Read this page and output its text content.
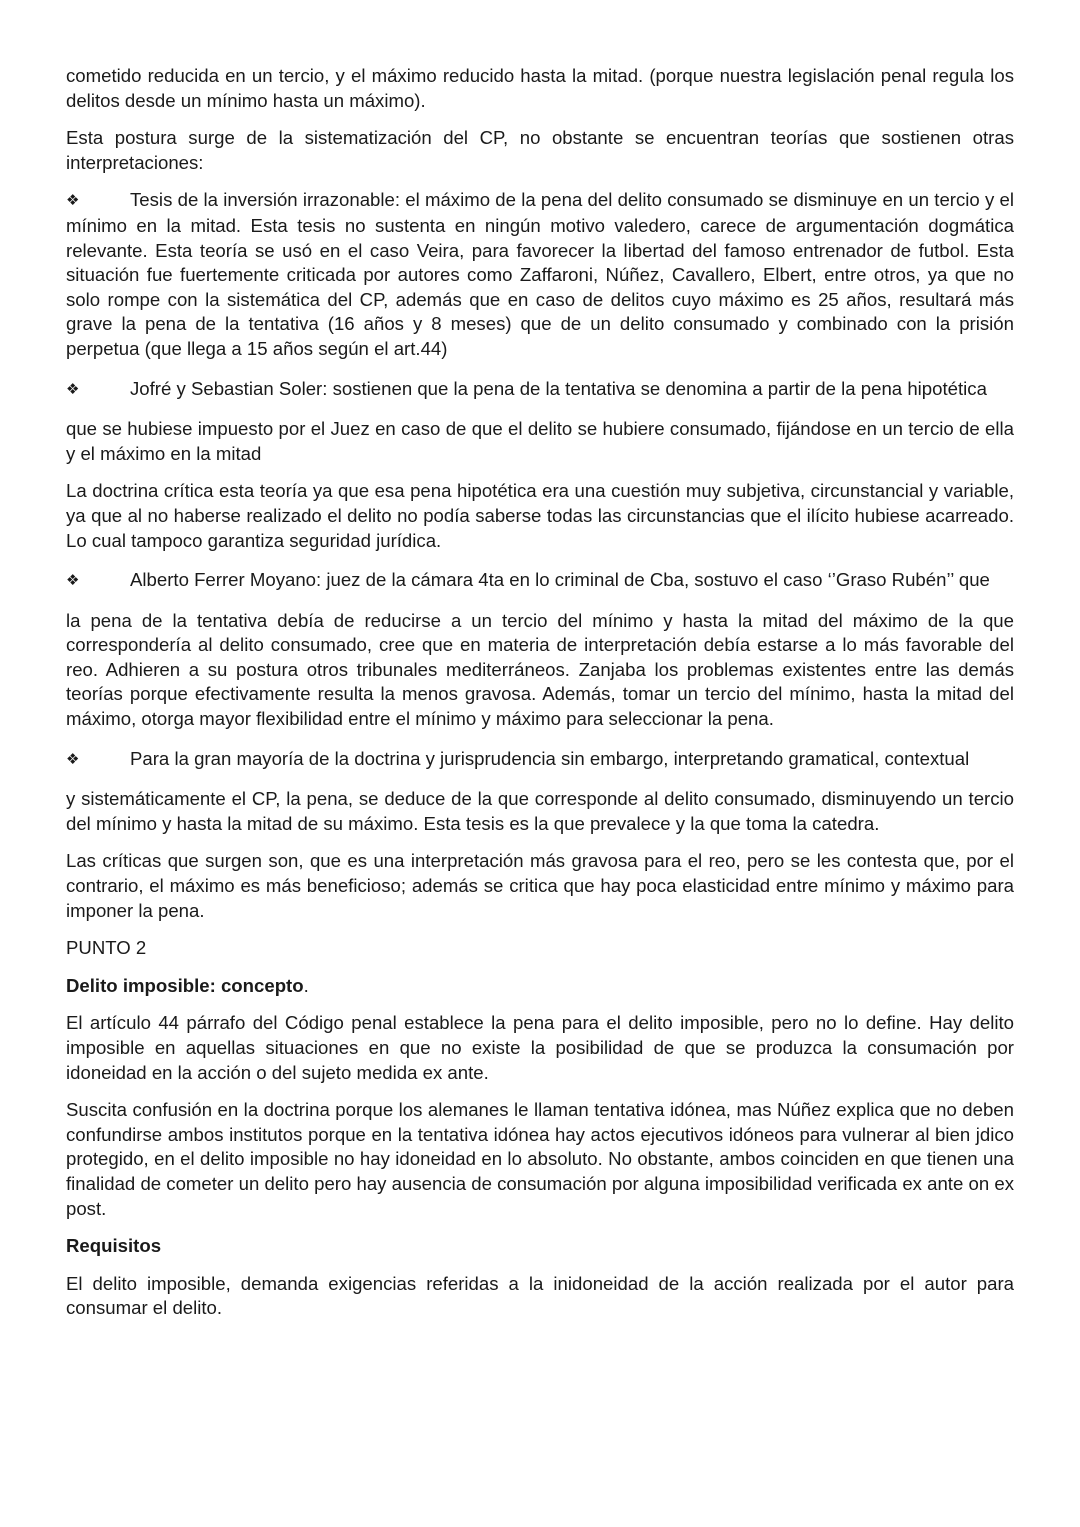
cometido reducida en un tercio, y el máximo reducido hasta la mitad. (porque nuestra legislación penal regula los delitos desde un mínimo hasta un máximo).

Esta postura surge de la sistematización del CP, no obstante se encuentran teorías que sostienen otras interpretaciones:

❖	Tesis de la inversión irrazonable: el máximo de la pena del delito consumado se disminuye en un tercio y el mínimo en la mitad. Esta tesis no sustenta en ningún motivo valedero, carece de argumentación dogmática relevante. Esta teoría se usó en el caso Veira, para favorecer la libertad del famoso entrenador de futbol. Esta situación fue fuertemente criticada por autores como Zaffaroni, Núñez, Cavallero, Elbert, entre otros, ya que no solo rompe con la sistemática del CP, además que en caso de delitos cuyo máximo es 25 años, resultará más grave la pena de la tentativa (16 años y 8 meses) que de un delito consumado y combinado con la prisión perpetua (que llega a 15 años según el art.44)

❖	Jofré y Sebastian Soler: sostienen que la pena de la tentativa se denomina a partir de la pena hipotética

que se hubiese impuesto por el Juez en caso de que el delito se hubiere consumado, fijándose en un tercio de ella y el máximo en la mitad

La doctrina crítica esta teoría ya que esa pena hipotética era una cuestión muy subjetiva, circunstancial y variable, ya que al no haberse realizado el delito no podía saberse todas las circunstancias que el ilícito hubiese acarreado. Lo cual tampoco garantiza seguridad jurídica.

❖	Alberto Ferrer Moyano: juez de la cámara 4ta en lo criminal de Cba, sostuvo el caso ‘’Graso Rubén’’ que

la pena de la tentativa debía de reducirse a un tercio del mínimo y hasta la mitad del máximo de la que correspondería al delito consumado, cree que en materia de interpretación debía estarse a lo más favorable del reo. Adhieren a su postura otros tribunales mediterráneos. Zanjaba los problemas existentes entre las demás teorías porque efectivamente resulta la menos gravosa. Además, tomar un tercio del mínimo, hasta la mitad del máximo, otorga mayor flexibilidad entre el mínimo y máximo para seleccionar la pena.

❖	Para la gran mayoría de la doctrina y jurisprudencia sin embargo, interpretando gramatical, contextual

y sistemáticamente el CP, la pena, se deduce de la que corresponde al delito consumado, disminuyendo un tercio del mínimo y hasta la mitad de su máximo. Esta tesis es la que prevalece y la que toma la catedra.

Las críticas que surgen son, que es una interpretación más gravosa para el reo, pero se les contesta que, por el contrario, el máximo es más beneficioso; además se critica que hay poca elasticidad entre mínimo y máximo para imponer la pena.

PUNTO 2

Delito imposible: concepto.

El artículo 44 párrafo del Código penal establece la pena para el delito imposible, pero no lo define. Hay delito imposible en aquellas situaciones en que no existe la posibilidad de que se produzca la consumación por idoneidad en la acción o del sujeto medida ex ante.

Suscita confusión en la doctrina porque los alemanes le llaman tentativa idónea, mas Núñez explica que no deben confundirse ambos institutos porque en la tentativa idónea hay actos ejecutivos idóneos para vulnerar al bien jdico protegido, en el delito imposible no hay idoneidad en lo absoluto. No obstante, ambos coinciden en que tienen una finalidad de cometer un delito pero hay ausencia de consumación por alguna imposibilidad verificada ex ante on ex post.

Requisitos

El delito imposible, demanda exigencias referidas a la inidoneidad de la acción realizada por el autor para consumar el delito.
